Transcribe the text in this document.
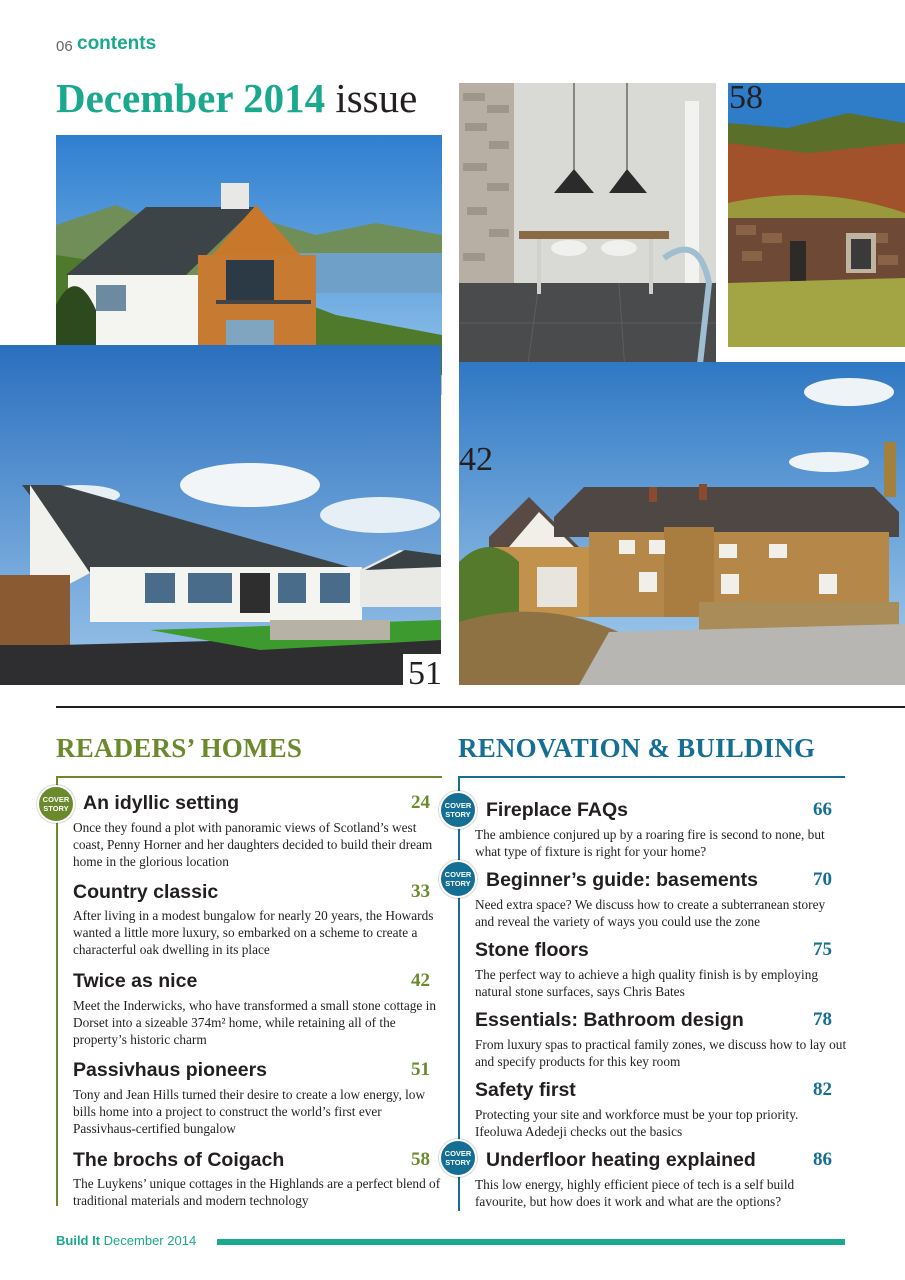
06 contents
December 2014 issue	58
51
42
READERS’ HOMES
COVER
STORY An idyllic setting	24
Once they found a plot with panoramic views of Scotland’s west coast, Penny Horner and her daughters decided to build their dream home in the glorious location
Country classic	33
After living in a modest bungalow for nearly 20 years, the Howards wanted a little more luxury, so embarked on a scheme to create a characterful oak dwelling in its place
Twice as nice	42
Meet the Inderwicks, who have transformed a small stone cottage in Dorset into a sizeable 374m² home, while retaining all of the property’s historic charm
Passivhaus pioneers	51
Tony and Jean Hills turned their desire to create a low energy, low bills home into a project to construct the world’s first ever Passivhaus-certified bungalow
The brochs of Coigach	58
The Luykens’ unique cottages in the Highlands are a perfect blend of traditional materials and modern technology
RENOVATION & BUILDING
COVER
STORY Fireplace FAQs	66
The ambience conjured up by a roaring fire is second to none, but what type of fixture is right for your home?
COVER
STORY Beginner’s guide: basements	70
Need extra space? We discuss how to create a subterranean storey and reveal the variety of ways you could use the zone
Stone floors	75
The perfect way to achieve a high quality finish is by employing natural stone surfaces, says Chris Bates
Essentials: Bathroom design	78
From luxury spas to practical family zones, we discuss how to lay out and specify products for this key room
Safety first	82
Protecting your site and workforce must be your top priority. Ifeoluwa Adedeji checks out the basics
COVER
STORY Underfloor heating explained	86
This low energy, highly efficient piece of tech is a self build favourite, but how does it work and what are the options?
Build It December 2014
